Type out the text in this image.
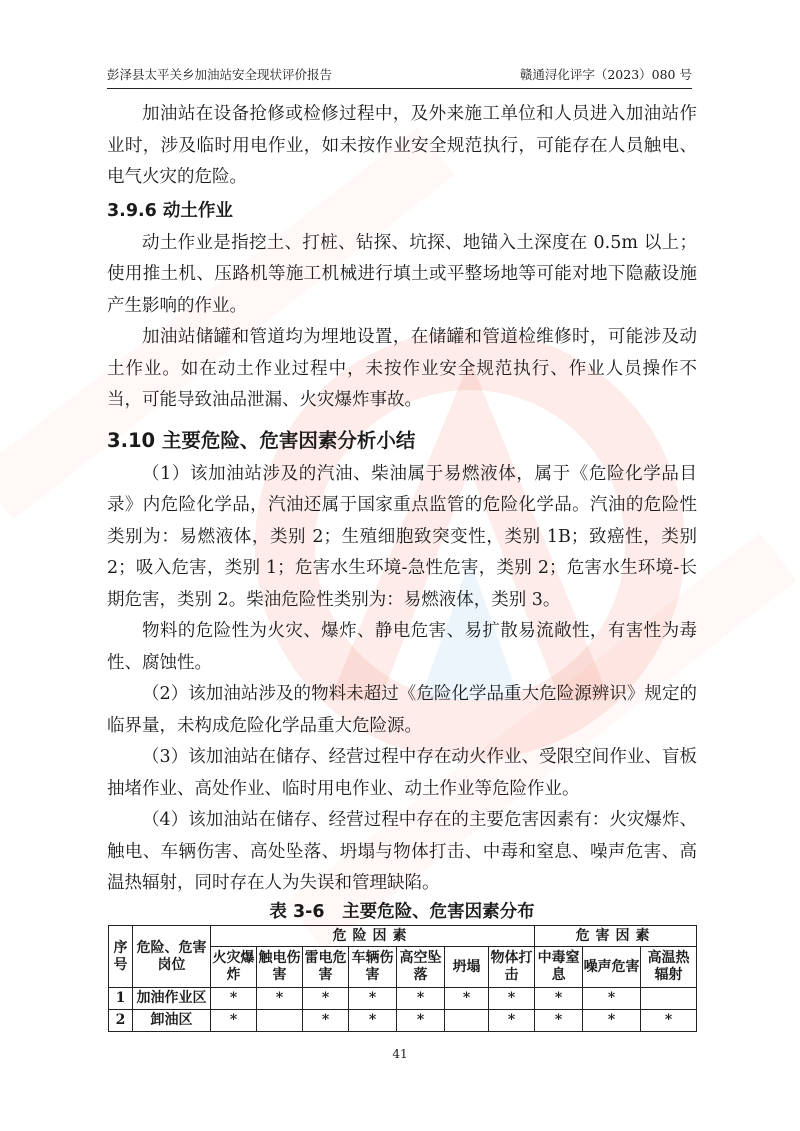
彭泽县太平关乡加油站安全现状评价报告	赣通浔化评字（2023）080 号

加油站在设备抢修或检修过程中，及外来施工单位和人员进入加油站作业时，涉及临时用电作业，如未按作业安全规范执行，可能存在人员触电、电气火灾的危险。

3.9.6 动土作业

动土作业是指挖土、打桩、钻探、坑探、地锚入土深度在 0.5m 以上；使用推土机、压路机等施工机械进行填土或平整场地等可能对地下隐蔽设施产生影响的作业。

加油站储罐和管道均为埋地设置，在储罐和管道检维修时，可能涉及动土作业。如在动土作业过程中，未按作业安全规范执行、作业人员操作不当，可能导致油品泄漏、火灾爆炸事故。

3.10 主要危险、危害因素分析小结

（1）该加油站涉及的汽油、柴油属于易燃液体，属于《危险化学品目录》内危险化学品，汽油还属于国家重点监管的危险化学品。汽油的危险性类别为：易燃液体，类别 2；生殖细胞致突变性，类别 1B；致癌性，类别 2；吸入危害，类别 1；危害水生环境-急性危害，类别 2；危害水生环境-长期危害，类别 2。柴油危险性类别为：易燃液体，类别 3。

物料的危险性为火灾、爆炸、静电危害、易扩散易流敞性，有害性为毒性、腐蚀性。

（2）该加油站涉及的物料未超过《危险化学品重大危险源辨识》规定的临界量，未构成危险化学品重大危险源。

（3）该加油站在储存、经营过程中存在动火作业、受限空间作业、盲板抽堵作业、高处作业、临时用电作业、动土作业等危险作业。

（4）该加油站在储存、经营过程中存在的主要危害因素有：火灾爆炸、触电、车辆伤害、高处坠落、坍塌与物体打击、中毒和窒息、噪声危害、高温热辐射，同时存在人为失误和管理缺陷。

表 3-6　主要危险、危害因素分布
序号	危险、危害岗位	危险因素							危害因素		
		火灾爆炸	触电伤害	雷电危害	车辆伤害	高空坠落	坍塌	物体打击	中毒窒息	噪声危害	高温热辐射
1	加油作业区	*	*	*	*	*	*	*	*	*	
2	卸油区	*		*	*	*		*	*	*	*
41
